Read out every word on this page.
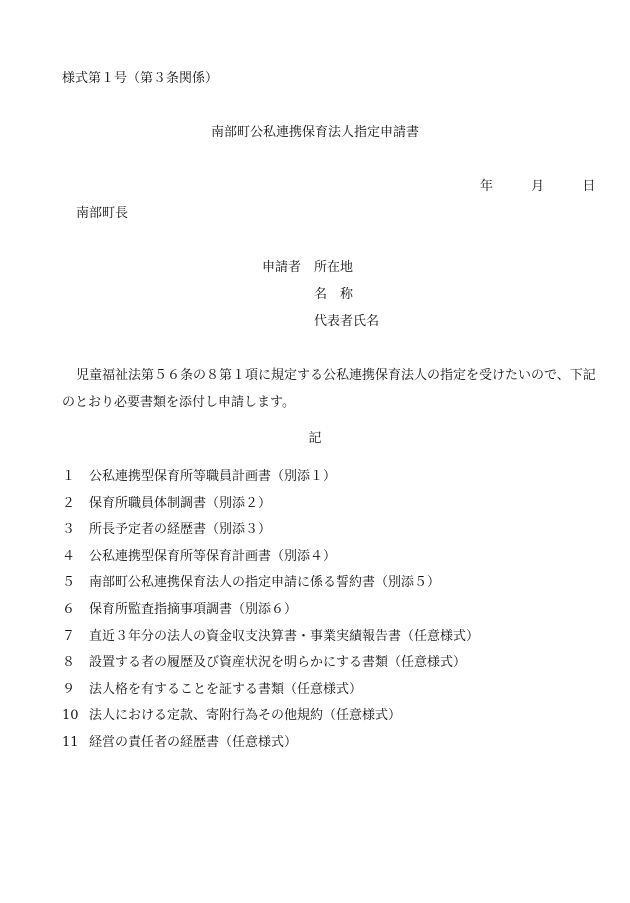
様式第１号（第３条関係）
南部町公私連携保育法人指定申請書
年	月	日
南部町長
申請者 所在地
名称
代表者氏名
児童福祉法第５６条の８第１項に規定する公私連携保育法人の指定を受けたいので、下記
のとおり必要書類を添付し申請します。
記
１	公私連携型保育所等職員計画書（別添１）
２	保育所職員体制調書（別添２）
３	所長予定者の経歴書（別添３）
４	公私連携型保育所等保育計画書（別添４）
５	南部町公私連携保育法人の指定申請に係る誓約書（別添５）
６	保育所監査指摘事項調書（別添６）
７	直近３年分の法人の資金収支決算書・事業実績報告書（任意様式）
８	設置する者の履歴及び資産状況を明らかにする書類（任意様式）
９	法人格を有することを証する書類（任意様式）
10 法人における定款、寄附行為その他規約（任意様式）
11 経営の責任者の経歴書（任意様式）
